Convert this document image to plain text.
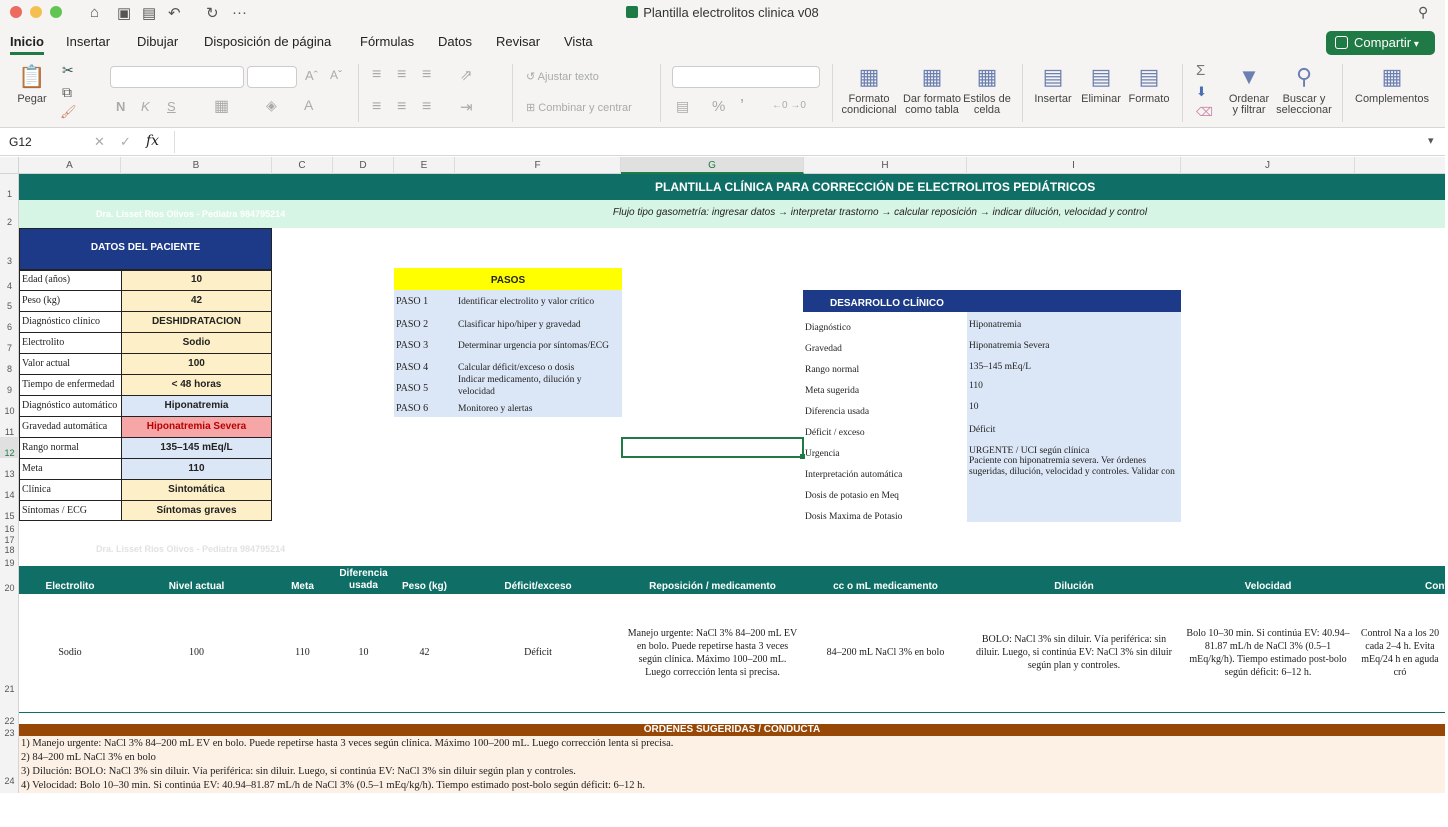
⌂ ▣ ▤ ↶ ↻ ···	Plantilla electrolitos clinica v08	⚲
Inicio Insertar Dibujar Disposición de página Fórmulas Datos Revisar Vista	Compartir ▾
📋
Pegar
✂
⧉
🖌
Aˆ Aˇ
N K S ▦	◈ A
≡ ≡ ≡
≡ ≡ ≡
⇗
⇥
↺ Ajustar texto
⊞ Combinar y centrar	▤ % ’	←0 →0
▦
Formato condicional
▦
Dar formato como tabla
▦
Estilos de celda
▤
Insertar
▤
Eliminar
▤
Formato
Σ
⬇
⌫
▼
Ordenar y filtrar
⚲
Buscar y seleccionar
▦
Complementos
G12	✕ ✓ fx	▾
A	B	C	D	E	F	G	H	I	J
1
2
3
4
5
6
7
8
9
10
11
12
13
14
15
16
17
18
19
20
21
22
23
24
PLANTILLA CLÍNICA PARA CORRECCIÓN DE ELECTROLITOS PEDIÁTRICOS
Dra. Lisset Rios Olivos - Pediatra 984795214	Flujo tipo gasometría: ingresar datos → interpretar trastorno → calcular reposición → indicar dilución, velocidad y control
DATOS DEL PACIENTE
Edad (años)	10
Peso (kg)	42
Diagnóstico clínico	DESHIDRATACION
Electrolito	Sodio
Valor actual	100
Tiempo de enfermedad	< 48 horas
Diagnóstico automático	Hiponatremia
Gravedad automática	Hiponatremia Severa
Rango normal	135–145 mEq/L
Meta	110
Clínica	Sintomática
Síntomas / ECG	Síntomas graves
PASOS
PASO 1	Identificar electrolito y valor crítico
PASO 2	Clasificar hipo/hiper y gravedad
PASO 3	Determinar urgencia por síntomas/ECG
PASO 4	Calcular déficit/exceso o dosis
PASO 5
Indicar medicamento, dilución y velocidad
PASO 6	Monitoreo y alertas
DESARROLLO CLÍNICO
Diagnóstico	Hiponatremia
Gravedad	Hiponatremia Severa
Rango normal	135–145 mEq/L
Meta sugerida	110
Diferencia usada	10
Déficit / exceso	Déficit
Urgencia	URGENTE / UCI según clínica
Interpretación automática
Paciente con hiponatremia severa. Ver órdenes sugeridas, dilución, velocidad y controles. Validar con
Dosis de potasio en Meq
Dosis Maxima de Potasio
Dra. Lisset Rios Olivos - Pediatra 984795214
Electrolito	Nivel actual	Meta
Diferencia usada	Peso (kg)	Déficit/exceso	Reposición / medicamento	cc o mL medicamento	Dilución	Velocidad	Cont
Sodio	100	110	10	42	Déficit
Manejo urgente: NaCl 3% 84–200 mL EV en bolo. Puede repetirse hasta 3 veces según clínica. Máximo 100–200 mL. Luego corrección lenta si precisa.
84–200 mL NaCl 3% en bolo
BOLO: NaCl 3% sin diluir. Vía periférica: sin diluir. Luego, si continúa EV: NaCl 3% sin diluir según plan y controles.
Bolo 10–30 min. Si continúa EV: 40.94–81.87 mL/h de NaCl 3% (0.5–1 mEq/kg/h). Tiempo estimado post-bolo según déficit: 6–12 h.
Control Na a los 20 cada 2–4 h. Evita mEq/24 h en aguda cró
ÓRDENES SUGERIDAS / CONDUCTA
1) Manejo urgente: NaCl 3% 84–200 mL EV en bolo. Puede repetirse hasta 3 veces según clínica. Máximo 100–200 mL. Luego corrección lenta si precisa.
2) 84–200 mL NaCl 3% en bolo
3) Dilución: BOLO: NaCl 3% sin diluir. Vía periférica: sin diluir. Luego, si continúa EV: NaCl 3% sin diluir según plan y controles.
4) Velocidad: Bolo 10–30 min. Si continúa EV: 40.94–81.87 mL/h de NaCl 3% (0.5–1 mEq/kg/h). Tiempo estimado post-bolo según déficit: 6–12 h.
